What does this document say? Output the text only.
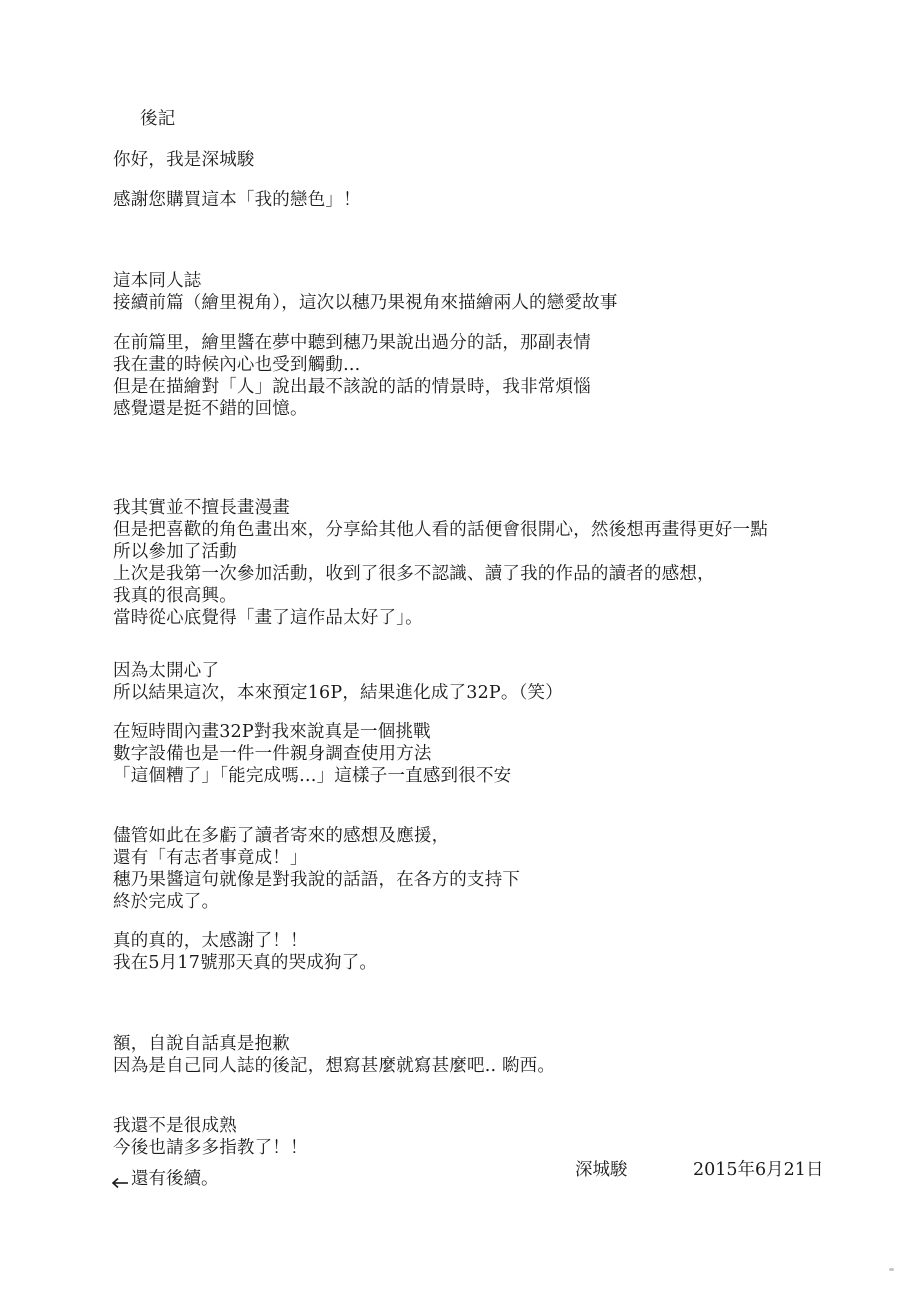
後記
你好，我是深城駿
感謝您購買這本「我的戀色」！
這本同人誌
接續前篇（繪里視角），這次以穗乃果視角來描繪兩人的戀愛故事
在前篇里，繪里醬在夢中聽到穗乃果說出過分的話，那副表情
我在畫的時候內心也受到觸動...
但是在描繪對「人」說出最不該說的話的情景時，我非常煩惱
感覺還是挺不錯的回憶。
我其實並不擅長畫漫畫
但是把喜歡的角色畫出來，分享給其他人看的話便會很開心，然後想再畫得更好一點
所以參加了活動
上次是我第一次參加活動，收到了很多不認識、讀了我的作品的讀者的感想，
我真的很高興。
當時從心底覺得「畫了這作品太好了」。
因為太開心了
所以結果這次，本來預定16P，結果進化成了32P。（笑）
在短時間內畫32P對我來說真是一個挑戰
數字設備也是一件一件親身調查使用方法
「這個糟了」「能完成嗎…」這樣子一直感到很不安
儘管如此在多虧了讀者寄來的感想及應援，
還有「有志者事竟成！」
穗乃果醬這句就像是對我說的話語，在各方的支持下
終於完成了。
真的真的，太感謝了！！
我在5月17號那天真的哭成狗了。
額，自說自話真是抱歉
因為是自己同人誌的後記，想寫甚麼就寫甚麼吧.. 喲西。
我還不是很成熟
今後也請多多指教了！！
深城駿	2015年6月21日
還有後續。
